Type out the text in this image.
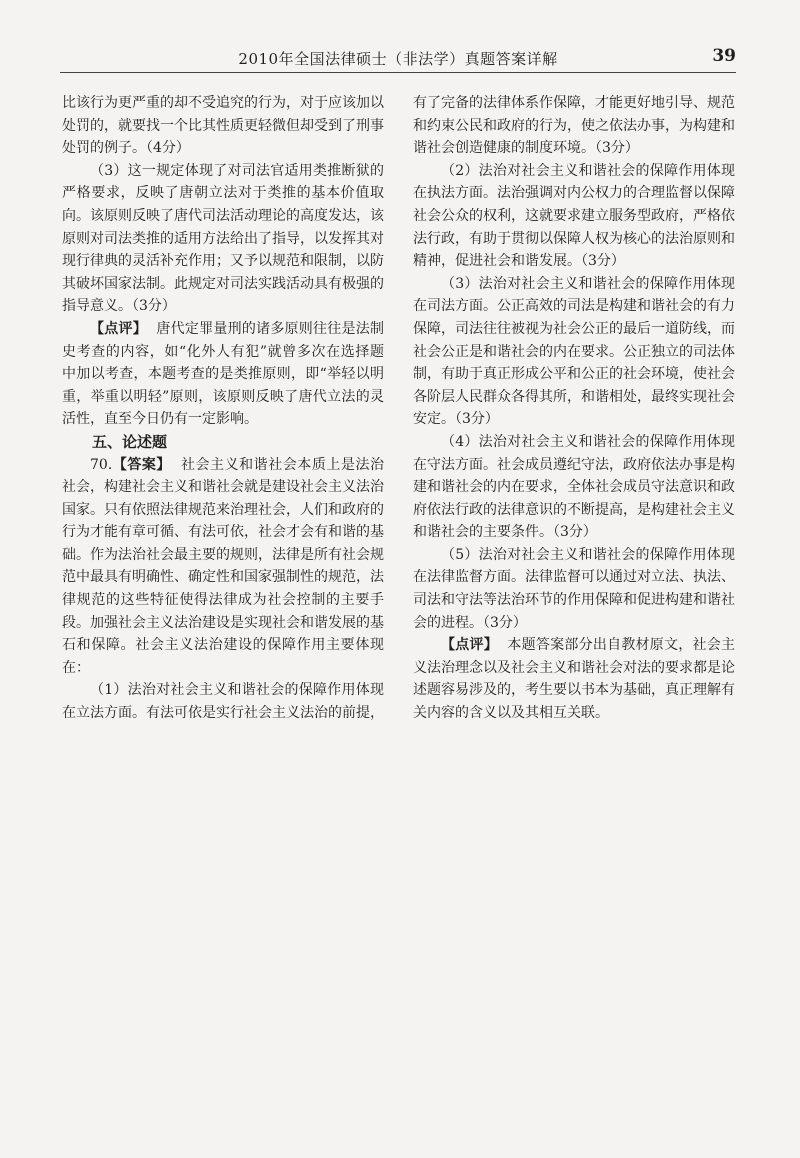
2010年全国法律硕士（非法学）真题答案详解	39

比该行为更严重的却不受追究的行为，对于应该加以处罚的，就要找一个比其性质更轻微但却受到了刑事处罚的例子。（4分）

（3）这一规定体现了对司法官适用类推断狱的严格要求，反映了唐朝立法对于类推的基本价值取向。该原则反映了唐代司法活动理论的高度发达，该原则对司法类推的适用方法给出了指导，以发挥其对现行律典的灵活补充作用；又予以规范和限制，以防其破坏国家法制。此规定对司法实践活动具有极强的指导意义。（3分）

【点评】 唐代定罪量刑的诸多原则往往是法制史考查的内容，如“化外人有犯”就曾多次在选择题中加以考查，本题考查的是类推原则，即“举轻以明重，举重以明轻”原则，该原则反映了唐代立法的灵活性，直至今日仍有一定影响。

五、论述题

70.【答案】 社会主义和谐社会本质上是法治社会，构建社会主义和谐社会就是建设社会主义法治国家。只有依照法律规范来治理社会，人们和政府的行为才能有章可循、有法可依，社会才会有和谐的基础。作为法治社会最主要的规则，法律是所有社会规范中最具有明确性、确定性和国家强制性的规范，法律规范的这些特征使得法律成为社会控制的主要手段。加强社会主义法治建设是实现社会和谐发展的基石和保障。社会主义法治建设的保障作用主要体现在：

（1）法治对社会主义和谐社会的保障作用体现在立法方面。有法可依是实行社会主义法治的前提，

有了完备的法律体系作保障，才能更好地引导、规范和约束公民和政府的行为，使之依法办事，为构建和谐社会创造健康的制度环境。（3分）

（2）法治对社会主义和谐社会的保障作用体现在执法方面。法治强调对内公权力的合理监督以保障社会公众的权利，这就要求建立服务型政府，严格依法行政，有助于贯彻以保障人权为核心的法治原则和精神，促进社会和谐发展。（3分）

（3）法治对社会主义和谐社会的保障作用体现在司法方面。公正高效的司法是构建和谐社会的有力保障，司法往往被视为社会公正的最后一道防线，而社会公正是和谐社会的内在要求。公正独立的司法体制，有助于真正形成公平和公正的社会环境，使社会各阶层人民群众各得其所，和谐相处，最终实现社会安定。（3分）

（4）法治对社会主义和谐社会的保障作用体现在守法方面。社会成员遵纪守法，政府依法办事是构建和谐社会的内在要求，全体社会成员守法意识和政府依法行政的法律意识的不断提高，是构建社会主义和谐社会的主要条件。（3分）

（5）法治对社会主义和谐社会的保障作用体现在法律监督方面。法律监督可以通过对立法、执法、司法和守法等法治环节的作用保障和促进构建和谐社会的进程。（3分）

【点评】 本题答案部分出自教材原文，社会主义法治理念以及社会主义和谐社会对法的要求都是论述题容易涉及的，考生要以书本为基础，真正理解有关内容的含义以及其相互关联。
